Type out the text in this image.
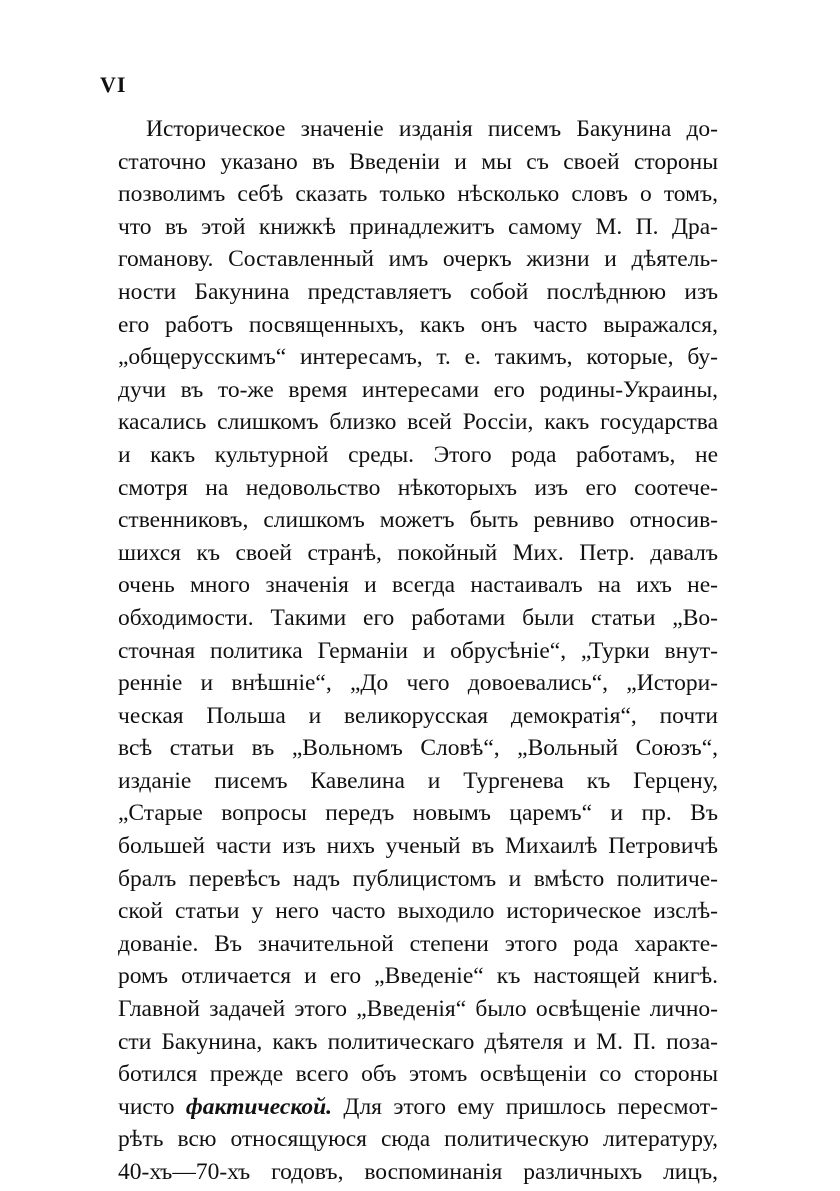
VI
Историческое значенiе изданiя писемъ Бакунина до-
статочно указано въ Введенiи и мы съ своей стороны
позволимъ себѣ сказать только нѣсколько словъ о томъ,
что въ этой книжкѣ принадлежитъ самому М. П. Дра-
гоманову. Составленный имъ очеркъ жизни и дѣятель-
ности Бакунина представляетъ собой послѣднюю изъ
его работъ посвященныхъ, какъ онъ часто выражался,
„общерусскимъ“ интересамъ, т. е. такимъ, которые, бу-
дучи въ то-же время интересами его родины-Украины,
касались слишкомъ близко всей Россiи, какъ государства
и какъ культурной среды. Этого рода работамъ, не
смотря на недовольство нѣкоторыхъ изъ его соотече-
ственниковъ, слишкомъ можетъ быть ревниво относив-
шихся къ своей странѣ, покойный Мих. Петр. давалъ
очень много значенiя и всегда настаивалъ на ихъ не-
обходимости. Такими его работами были статьи „Во-
сточная политика Германiи и обрусѣнiе“, „Турки внут-
ренніе и внѣшнiе“, „До чего довоевались“, „Истори-
ческая Польша и великорусская демократiя“, почти
всѣ статьи въ „Вольномъ Словѣ“, „Вольный Союзъ“,
изданiе писемъ Кавелина и Тургенева къ Герцену,
„Старые вопросы передъ новымъ царемъ“ и пр. Въ
большей части изъ нихъ ученый въ Михаилѣ Петровичѣ
бралъ перевѣсъ надъ публицистомъ и вмѣсто политиче-
ской статьи у него часто выходило историческое изслѣ-
дованiе. Въ значительной степени этого рода характе-
ромъ отличается и его „Введенiе“ къ настоящей книгѣ.
Главной задачей этого „Введенiя“ было освѣщенiе лично-
сти Бакунина, какъ политическаго дѣятеля и М. П. поза-
ботился прежде всего объ этомъ освѣщенiи со стороны
чисто фактической. Для этого ему пришлось пересмот-
рѣть всю относящуюся сюда политическую литературу,
40-хъ—70-хъ годовъ, воспоминанiя различныхъ лицъ,
